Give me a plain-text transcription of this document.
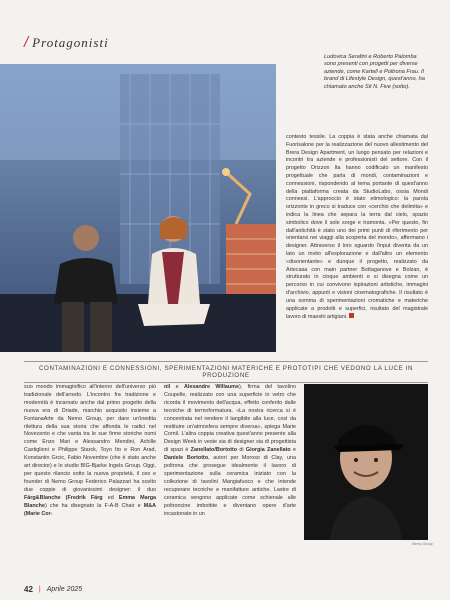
/ Protagonisti

Ludovica Serafini e Roberto Palomba sono presenti con progetti per diverse aziende, come Kartell e Poltrona Frau. Il brand di Lifestyle Design, quest'anno, ha chiamato anche Sit N. Five (sotto).

contesto tessile. La coppia è stata anche chiamata dal Fuorisalone per la realizzazione del nuovo allestimento del Brera Design Apartment, un luogo pensato per relazioni e incontri tra aziende e professionisti del settore. Con il progetto Orizzon Ita hanno codificato un manifesto progettuale che parla di mondi, contaminazioni e connessioni, rispondendo al tema portante di quest'anno della piattaforma creata da StudioLabo, ossia Mondi connessi. L'approccio è stato etimologico: la parola orizzonte in greco si traduce con «cerchio che delimita» e indica la linea che separa la terra dal cielo, spazio simbolico dove il sole sorge e tramonta. «Per questo, fin dall'antichità è stato uno dei primi punti di riferimento per orientarsi nei viaggi alla scoperta del mondo», affermano i designer. Attraverso il loro sguardo l'input diventa da un lato un invito all'esplorazione e dall'altro un elemento «disorientante» e dunque il progetto, realizzato da Artecasa con main partner Bottaganove e Bolzan, è strutturato in cinque ambienti e si disegna come un percorso in cui convivono ispirazioni artistiche, immagini d'archivio, appunti e visioni cinematografiche. Il risultato è una somma di sperimentazioni cromatiche e materiche applicate a prodotti e superfici, risultato del magistrale lavoro di maestri artigiani.

CONTAMINAZIONI E CONNESSIONI, SPERIMENTAZIONI MATERICHE E PROTOTIPI CHE VEDONO LA LUCE IN PRODUZIONE

suo mondo immaginifico all'interno dell'universo più tradizionale dell'arredo. L'incontro fra tradizione e modernità è incarnato anche dal primo progetto della nuova era di Driade, marchio acquisito insieme a FontanaArte da Nemo Group, per dare un'inedita rilettura della sua storia che affonda le radici nel Novecento e che vanta tra le sue firme storiche nomi come Enzo Mari e Alessandro Mendini, Achille Castiglioni e Philippe Starck, Toyo Ito e Ron Arad, Konstantin Grcic, Fabio Novembre (che è stato anche art director) e lo studio BIG-Bjarke Ingels Group. Oggi, per questo rilancio sotto la nuova proprietà, il ceo e founder di Nemo Group Federico Palazzari ha scelto due coppie di giovanissimi designer: il duo Färg&Blanche (Fredrik Färg ed Emma Marga Blanche) che ha disegnato la F-A-B Chair e M&A (Marie Cor-

nil e Alexandre Willaume), firma del tavolino Coupelle, realizzato con una superficie in vetro che ricorda il movimento dell'acqua, effetto conferito dalle tecniche di termoformatura. «La nostra ricerca si è concentrata nel rendere il tangibile alla luce, così da restituire un'atmosfera sempre diversa», spiega Marie Cornil. L'altra coppia creativa quest'anno presente alla Design Week in veste sia di designer sia di progettista di spazi è Zanellato/Bortotto di Giorgia Zanellato e Daniele Bortotto, autori per Moroso di Clay, una poltrona che prosegue idealmente il lavoro di sperimentazione sulla ceramica iniziato con la collezione di tavolini Mangiafuoco e che intende recuperare tecniche e manifatture antiche. Lastre di ceramica vengono applicate come schienale alle poltroncine imbottite e diventano opere d'arte incastonate in un

Nemo Group
42 | Aprile 2025
